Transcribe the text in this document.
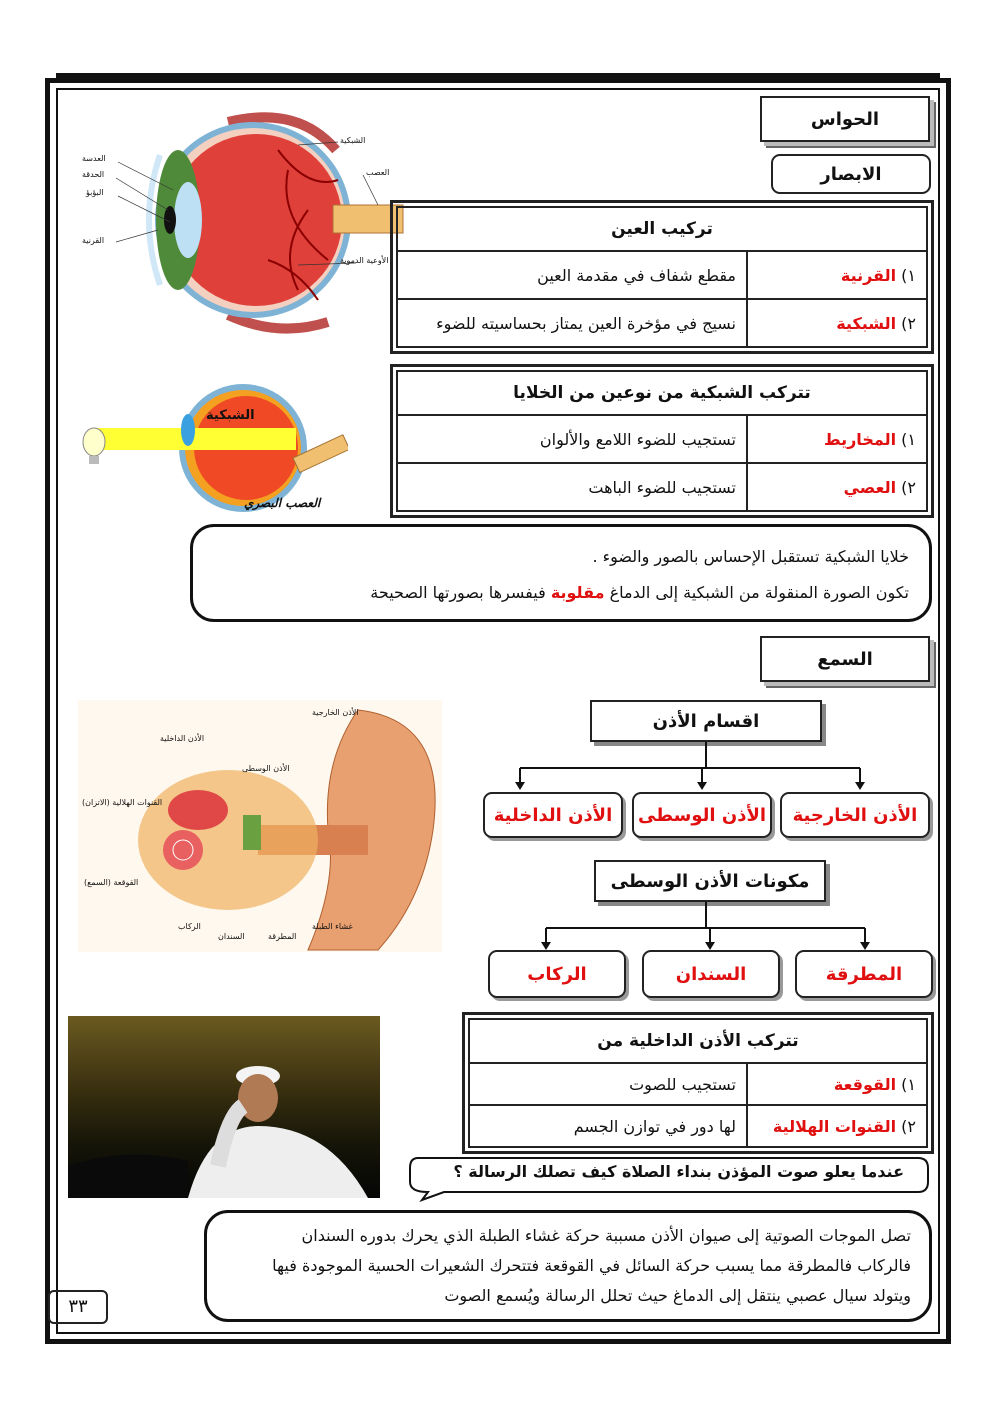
الحواس
الابصار
العدسة
الحدقة
البؤبؤ
القرنية
الشبكية
العصب
الأوعية الدموية
تركيب العين	
١) القرنية	مقطع شفاف في مقدمة العين
٢) الشبكية	نسيج في مؤخرة العين يمتاز بحساسيته للضوء
الشبكية
العصب البصري
تتركب الشبكية من نوعين من الخلايا	
١) المخاريط	تستجيب للضوء اللامع والألوان
٢) العصي	تستجيب للضوء الباهت
خلايا الشبكية تستقبل الإحساس بالصور والضوء .
تكون الصورة المنقولة من الشبكية إلى الدماغ مقلوبة فيفسرها بصورتها الصحيحة
السمع
الأذن الخارجية
الأذن الداخلية
الأذن الوسطى
القنوات الهلالية (الاتزان)
القوقعة (السمع)
الركاب
السندان	المطرقة
غشاء الطبلة
اقسام الأذن
الأذن الخارجية
الأذن الوسطى
الأذن الداخلية
مكونات الأذن الوسطى
المطرقة
السندان
الركاب
تتركب الأذن الداخلية من	
١) القوقعة	تستجيب للصوت
٢) القنوات الهلالية	لها دور في توازن الجسم
عندما يعلو صوت المؤذن بنداء الصلاة كيف تصلك الرسالة ؟
تصل الموجات الصوتية إلى صيوان الأذن مسببة حركة غشاء الطبلة الذي يحرك بدوره السندان
فالركاب فالمطرقة مما يسبب حركة السائل في القوقعة فتتحرك الشعيرات الحسية الموجودة فيها
ويتولد سيال عصبي ينتقل إلى الدماغ حيث تحلل الرسالة ويُسمع الصوت
٣٣
